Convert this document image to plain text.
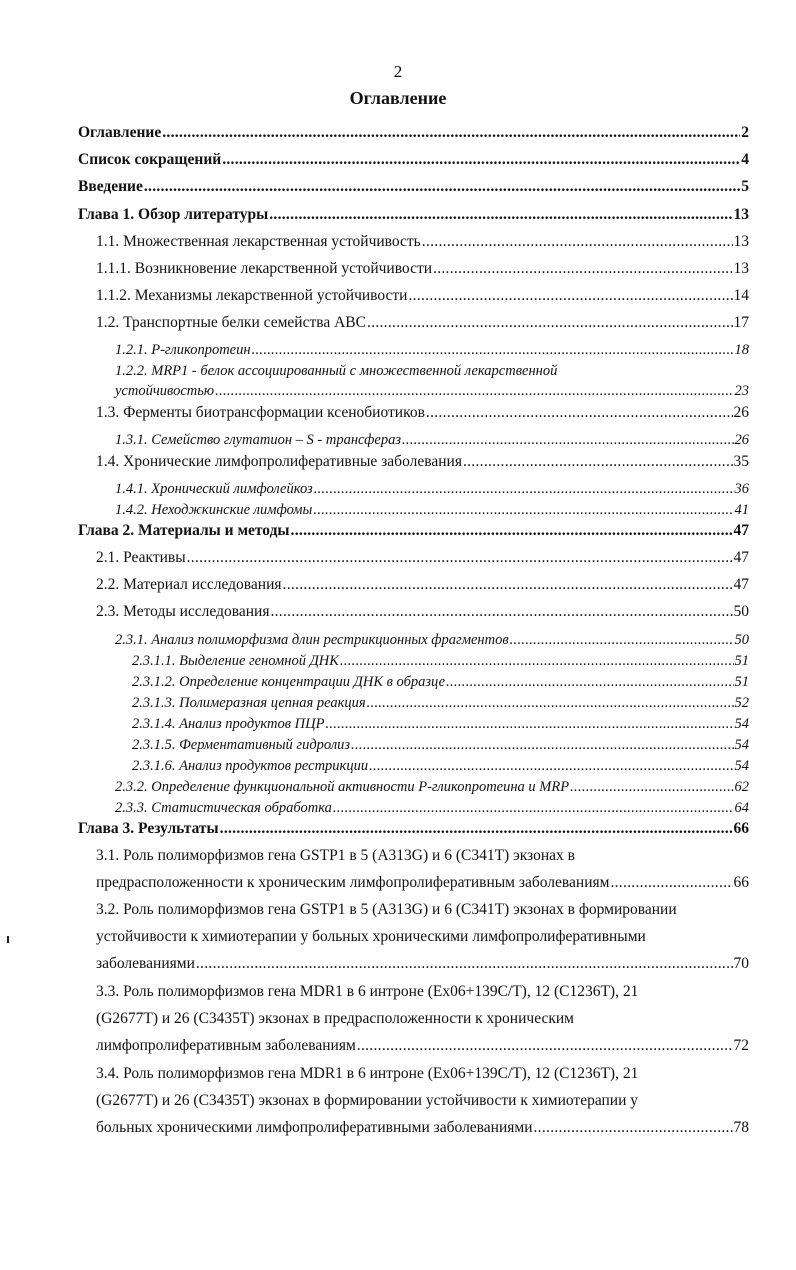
2
Оглавление
Оглавление .....	2
Список сокращений .....	4
Введение .....	5
Глава 1. Обзор литературы .....	13
1.1. Множественная лекарственная устойчивость .....	13
1.1.1. Возникновение лекарственной устойчивости .....	13
1.1.2. Механизмы лекарственной устойчивости .....	14
1.2. Транспортные белки семейства ABC .....	17
1.2.1. Р-гликопротеин .....	18
1.2.2. MRP1 - белок ассоциированный с множественной лекарственной
устойчивостью .....	23
1.3. Ферменты биотрансформации ксенобиотиков .....	26
1.3.1. Семейство глутатион – S - трансфераз .....	26
1.4. Хронические лимфопролиферативные заболевания .....	35
1.4.1. Хронический лимфолейкоз .....	36
1.4.2. Неходжкинские лимфомы .....	41
Глава 2. Материалы и методы .....	47
2.1. Реактивы .....	47
2.2. Материал исследования .....	47
2.3. Методы исследования .....	50
2.3.1. Анализ полиморфизма длин рестрикционных фрагментов .....	50
2.3.1.1. Выделение геномной ДНК .....	51
2.3.1.2. Определение концентрации ДНК в образце .....	51
2.3.1.3. Полимеразная цепная реакция .....	52
2.3.1.4. Анализ продуктов ПЦР .....	54
2.3.1.5. Ферментативный гидролиз .....	54
2.3.1.6. Анализ продуктов рестрикции .....	54
2.3.2. Определение функциональной активности Р-гликопротеина и MRP .....	62
2.3.3. Статистическая обработка .....	64
Глава 3. Результаты .....	66
3.1. Роль полиморфизмов гена GSTP1 в 5 (A313G) и 6 (C341T) экзонах в
предрасположенности к хроническим лимфопролиферативным заболеваниям .....	66
3.2. Роль полиморфизмов гена GSTP1 в 5 (A313G) и 6 (C341T) экзонах в формировании
устойчивости к химиотерапии у больных хроническими лимфопролиферативными
заболеваниями .....	70
3.3. Роль полиморфизмов гена MDR1 в 6 интроне (Ex06+139C/T), 12 (C1236T), 21
(G2677T) и 26 (C3435T) экзонах в предрасположенности к хроническим
лимфопролиферативным заболеваниям .....	72
3.4. Роль полиморфизмов гена MDR1 в 6 интроне (Ex06+139C/T), 12 (C1236T), 21
(G2677T) и 26 (C3435T) экзонах в формировании устойчивости к химиотерапии у
больных хроническими лимфопролиферативными заболеваниями .....	78
